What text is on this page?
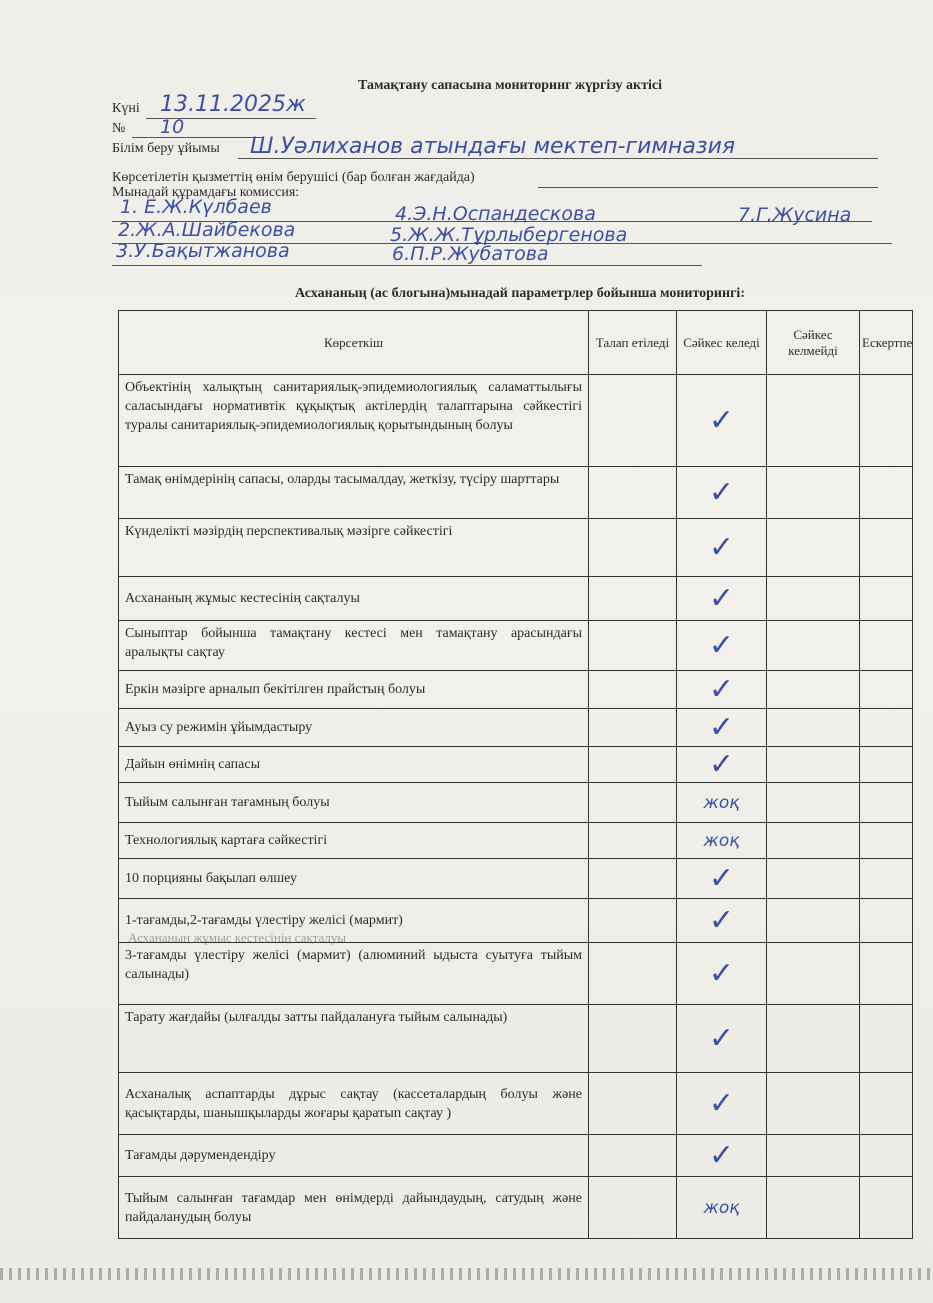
Тамақтану сапасына мониторинг жүргізу актісі
Күні 13.11.2025ж
№ 10
Білім беру ұйымы Ш.Уәлиханов атындағы мектеп-гимназия
Көрсетілетін қызметтің өнім берушісі (бар болған жағдайда)
Мынадай құрамдағы комиссия:
1. Е.Ж.Күлбаев	4.Э.Н.Оспандескова	7.Г.Жусина
2.Ж.А.Шайбекова	5.Ж.Ж.Тұрлыбергенова
3.У.Бақытжанова	6.П.Р.Жубатова
Асхананың (ас блогына)мынадай параметрлер бойынша мониторингі:
Көрсеткіш	Талап етіледі	Сәйкес келеді	Сәйкес келмейді	Ескертпе
Объектінің халықтың санитариялық-эпидемиологиялық саламаттылығы саласындағы нормативтік құқықтық актілердің талаптарына сәйкестігі туралы санитариялық-эпидемиологиялық қорытындының болуы		✓		
Тамақ өнімдерінің сапасы, оларды тасымалдау, жеткізу, түсіру шарттары		✓		
Күнделікті мәзірдің перспективалық мәзірге сәйкестігі		✓		
Асхананың жұмыс кестесінің сақталуы		✓		
Сыныптар бойынша тамақтану кестесі мен тамақтану арасындағы аралықты сақтау		✓		
Еркін мәзірге арналып бекітілген прайстың болуы		✓		
Ауыз су режимін ұйымдастыру		✓		
Дайын өнімнің сапасы		✓		
Тыйым салынған тағамның болуы		жоқ		
Технологиялық картаға сәйкестігі		жоқ		
10 порцияны бақылап өлшеу		✓		
1-тағамды,2-тағамды үлестіру желісі (мармит)		✓		
3-тағамды үлестіру желісі (мармит) (алюминий ыдыста суытуға тыйым салынады)		✓		
Тарату жағдайы (ылғалды затты пайдалануға тыйым салынады)		✓		
Асханалық аспаптарды дұрыс сақтау (кассеталардың болуы және қасықтарды, шанышқыларды жоғары қаратып сақтау )		✓		
Тағамды дәрумендендіру		✓		
Тыйым салынған тағамдар мен өнімдерді дайындаудың, сатудың және пайдаланудың болуы		жоқ		
Асхананың жұмыс кестесінің сақталуы
